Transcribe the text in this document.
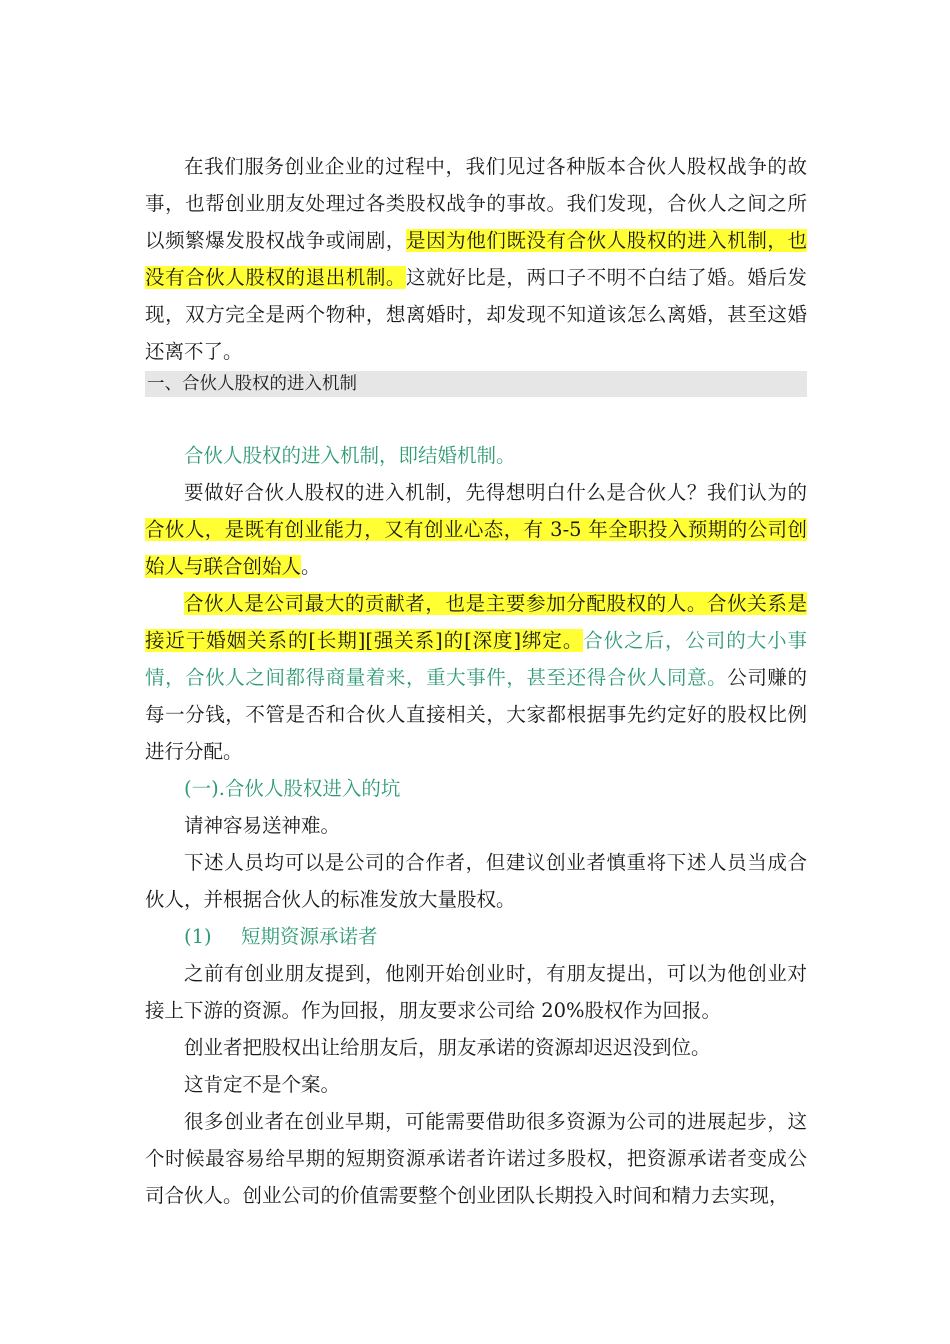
在我们服务创业企业的过程中，我们见过各种版本合伙人股权战争的故事，也帮创业朋友处理过各类股权战争的事故。我们发现，合伙人之间之所以频繁爆发股权战争或闹剧，是因为他们既没有合伙人股权的进入机制，也没有合伙人股权的退出机制。这就好比是，两口子不明不白结了婚。婚后发现，双方完全是两个物种，想离婚时，却发现不知道该怎么离婚，甚至这婚还离不了。

一、合伙人股权的进入机制

合伙人股权的进入机制，即结婚机制。

要做好合伙人股权的进入机制，先得想明白什么是合伙人？我们认为的合伙人，是既有创业能力，又有创业心态，有 3-5 年全职投入预期的公司创始人与联合创始人。

合伙人是公司最大的贡献者，也是主要参加分配股权的人。合伙关系是接近于婚姻关系的[长期][强关系]的[深度]绑定。合伙之后，公司的大小事情，合伙人之间都得商量着来，重大事件，甚至还得合伙人同意。公司赚的每一分钱，不管是否和合伙人直接相关，大家都根据事先约定好的股权比例进行分配。

(一).合伙人股权进入的坑

请神容易送神难。

下述人员均可以是公司的合作者，但建议创业者慎重将下述人员当成合伙人，并根据合伙人的标准发放大量股权。

(1)	短期资源承诺者

之前有创业朋友提到，他刚开始创业时，有朋友提出，可以为他创业对接上下游的资源。作为回报，朋友要求公司给 20%股权作为回报。

创业者把股权出让给朋友后，朋友承诺的资源却迟迟没到位。

这肯定不是个案。

很多创业者在创业早期，可能需要借助很多资源为公司的进展起步，这个时候最容易给早期的短期资源承诺者许诺过多股权，把资源承诺者变成公司合伙人。创业公司的价值需要整个创业团队长期投入时间和精力去实现，
